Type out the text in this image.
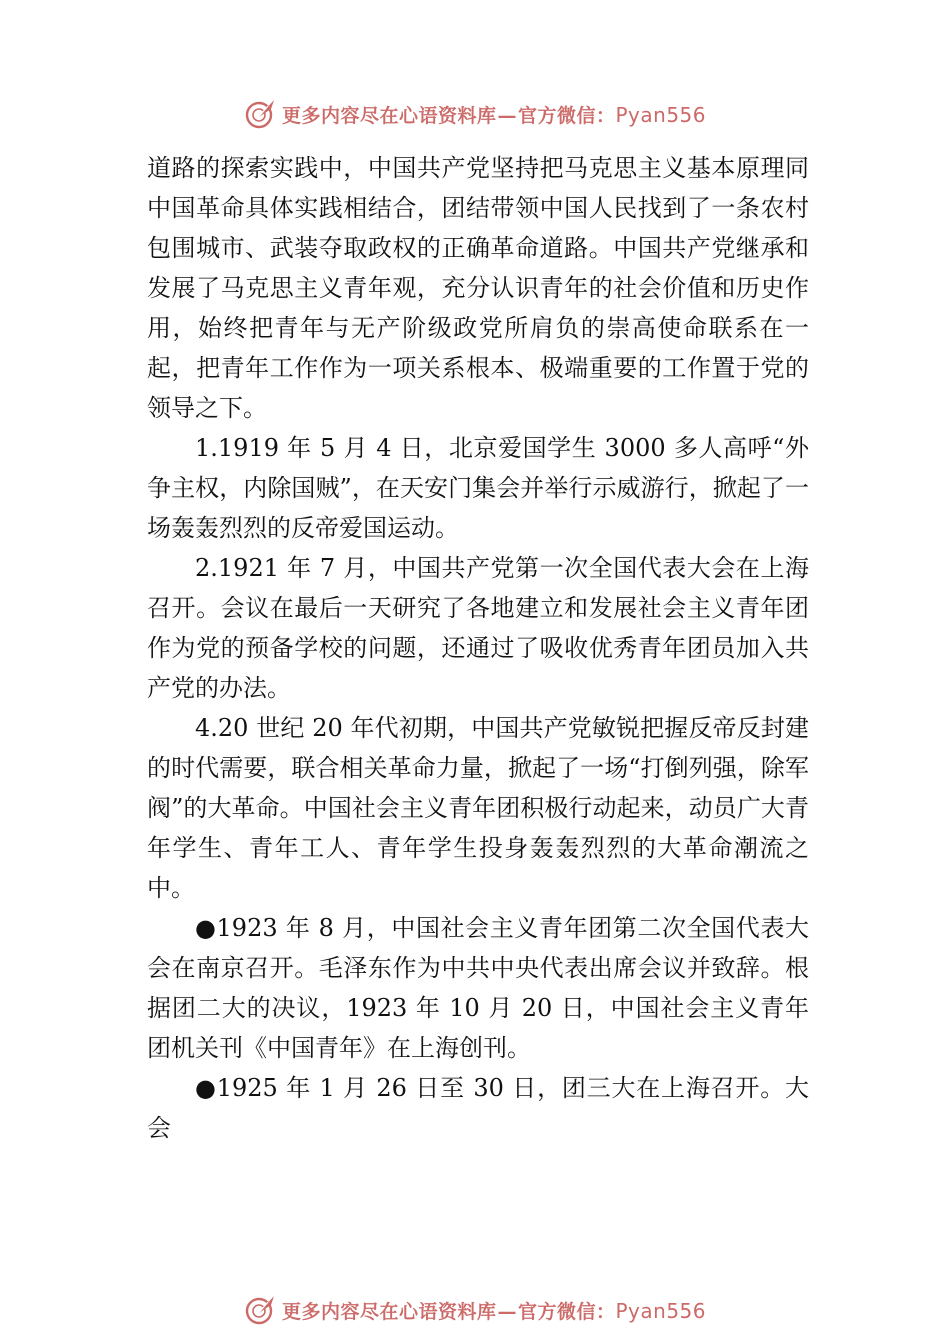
更多内容尽在心语资料库—官方微信：Pyan556

道路的探索实践中，中国共产党坚持把马克思主义基本原理同中国革命具体实践相结合，团结带领中国人民找到了一条农村包围城市、武装夺取政权的正确革命道路。中国共产党继承和发展了马克思主义青年观，充分认识青年的社会价值和历史作用，始终把青年与无产阶级政党所肩负的崇高使命联系在一起，把青年工作作为一项关系根本、极端重要的工作置于党的领导之下。

1.1919 年 5 月 4 日，北京爱国学生 3000 多人高呼“外争主权，内除国贼”，在天安门集会并举行示威游行，掀起了一场轰轰烈烈的反帝爱国运动。

2.1921 年 7 月，中国共产党第一次全国代表大会在上海召开。会议在最后一天研究了各地建立和发展社会主义青年团作为党的预备学校的问题，还通过了吸收优秀青年团员加入共产党的办法。

4.20 世纪 20 年代初期，中国共产党敏锐把握反帝反封建的时代需要，联合相关革命力量，掀起了一场“打倒列强，除军阀”的大革命。中国社会主义青年团积极行动起来，动员广大青年学生、青年工人、青年学生投身轰轰烈烈的大革命潮流之中。

●1923 年 8 月，中国社会主义青年团第二次全国代表大会在南京召开。毛泽东作为中共中央代表出席会议并致辞。根据团二大的决议，1923 年 10 月 20 日，中国社会主义青年团机关刊《中国青年》在上海创刊。

●1925 年 1 月 26 日至 30 日，团三大在上海召开。大会

更多内容尽在心语资料库—官方微信：Pyan556
